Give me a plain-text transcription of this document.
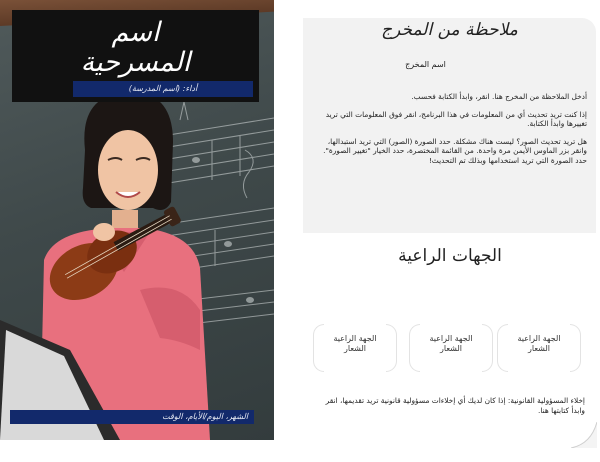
اسم
المسرحية
أداء: (اسم المدرسة)
الشهر، اليوم/الأيام، الوقت
ملاحظة من المخرج
اسم المخرج

أدخل الملاحظة من المخرج هنا. انقر، وابدأ الكتابة فحسب.

إذا كنت تريد تحديث أي من المعلومات في هذا البرنامج، انقر فوق المعلومات التي تريد تغييرها وابدأ الكتابة.

هل تريد تحديث الصور؟ ليست هناك مشكلة. حدد الصورة (الصور) التي تريد استبدالها، وانقر بزر الماوس الأيمن مرة واحدة. من القائمة المختصرة، حدد الخيار "تغيير الصورة". حدد الصورة التي تريد استخدامها وبذلك تم التحديث!

الجهات الراعية
الجهة الراعية
الشعار
الجهة الراعية
الشعار
الجهة الراعية
الشعار
إخلاء المسؤولية القانونية: إذا كان لديك أي إخلاءات مسؤولية قانونية تريد تقديمها، انقر وابدأ كتابتها هنا.
